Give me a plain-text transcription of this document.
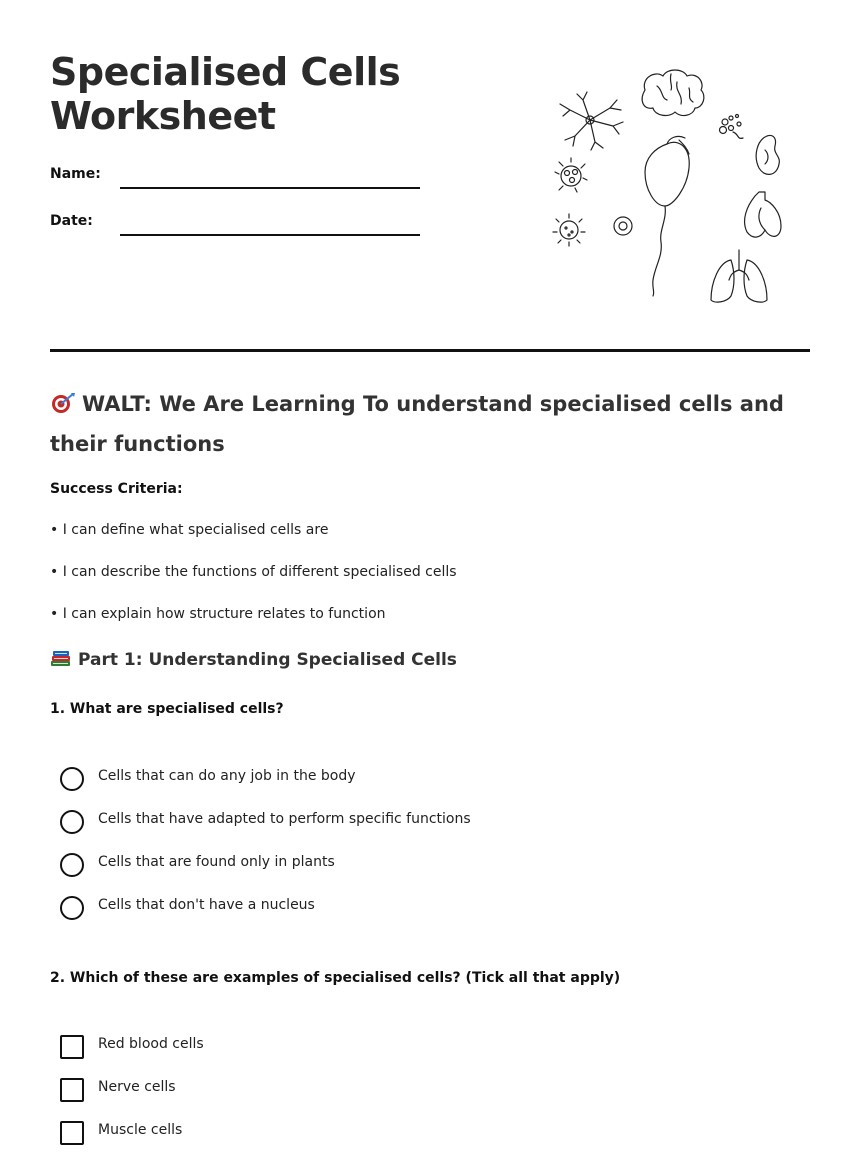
Specialised Cells
Worksheet
Name:
Date:
WALT: We Are Learning To understand specialised cells and their functions
Success Criteria:
• I can define what specialised cells are
• I can describe the functions of different specialised cells
• I can explain how structure relates to function
Part 1: Understanding Specialised Cells
1. What are specialised cells?
Cells that can do any job in the body
Cells that have adapted to perform specific functions
Cells that are found only in plants
Cells that don't have a nucleus
2. Which of these are examples of specialised cells? (Tick all that apply)
Red blood cells
Nerve cells
Muscle cells
